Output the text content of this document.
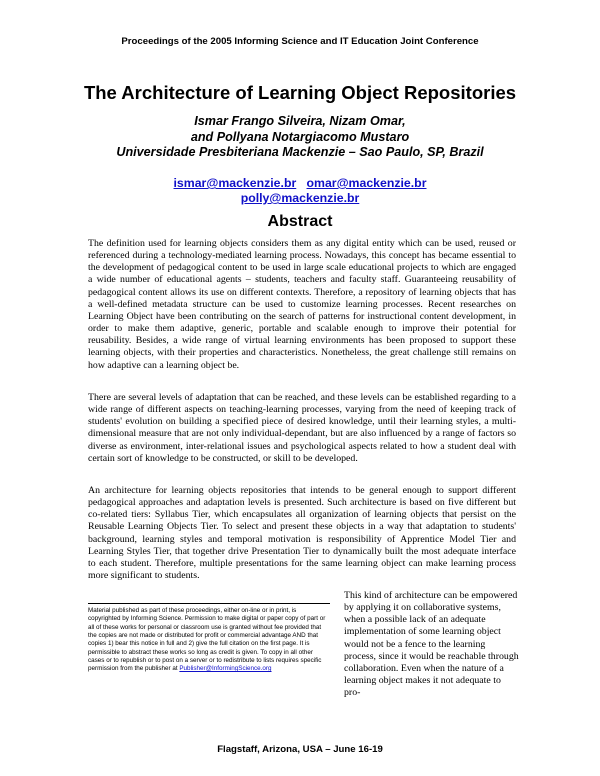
Proceedings of the 2005 Informing Science and IT Education Joint Conference
The Architecture of Learning Object Repositories
Ismar Frango Silveira, Nizam Omar,
and Pollyana Notargiacomo Mustaro
Universidade Presbiteriana Mackenzie – Sao Paulo, SP, Brazil
ismar@mackenzie.br omar@mackenzie.br
polly@mackenzie.br
Abstract

The definition used for learning objects considers them as any digital entity which can be used, reused or referenced during a technology-mediated learning process. Nowadays, this concept has became essential to the development of pedagogical content to be used in large scale educational projects to which are engaged a wide number of educational agents – students, teachers and faculty staff. Guaranteeing reusability of pedagogical content allows its use on different contexts. Therefore, a repository of learning objects that has a well-defined metadata structure can be used to customize learning processes. Recent researches on Learning Object have been contributing on the search of patterns for instructional content development, in order to make them adaptive, generic, portable and scalable enough to improve their potential for reusability. Besides, a wide range of virtual learning environments has been proposed to support these learning objects, with their properties and characteristics. Nonetheless, the great challenge still remains on how adaptive can a learning object be.

There are several levels of adaptation that can be reached, and these levels can be established regarding to a wide range of different aspects on teaching-learning processes, varying from the need of keeping track of students' evolution on building a specified piece of desired knowledge, until their learning styles, a multi-dimensional measure that are not only individual-dependant, but are also influenced by a range of factors so diverse as environment, inter-relational issues and psychological aspects related to how a student deal with certain sort of knowledge to be constructed, or skill to be developed.

An architecture for learning objects repositories that intends to be general enough to support different pedagogical approaches and adaptation levels is presented. Such architecture is based on five different but co-related tiers: Syllabus Tier, which encapsulates all organization of learning objects that persist on the Reusable Learning Objects Tier. To select and present these objects in a way that adaptation to students' background, learning styles and temporal motivation is responsibility of Apprentice Model Tier and Learning Styles Tier, that together drive Presentation Tier to dynamically built the most adequate interface to each student. Therefore, multiple presentations for the same learning object can make learning process more significant to students.

This kind of architecture can be empowered by applying it on collaborative systems, when a possible lack of an adequate implementation of some learning object would not be a fence to the learning process, since it would be reachable through collaboration. Even when the nature of a learning object makes it not adequate to pro-
Material published as part of these proceedings, either on-line or in print, is copyrighted by Informing Science. Permission to make digital or paper copy of part or all of these works for personal or classroom use is granted without fee provided that the copies are not made or distributed for profit or commercial advantage AND that copies 1) bear this notice in full and 2) give the full citation on the first page. It is permissible to abstract these works so long as credit is given. To copy in all other cases or to republish or to post on a server or to redistribute to lists requires specific permission from the publisher at Publisher@InformingScience.org
Flagstaff, Arizona, USA – June 16-19
